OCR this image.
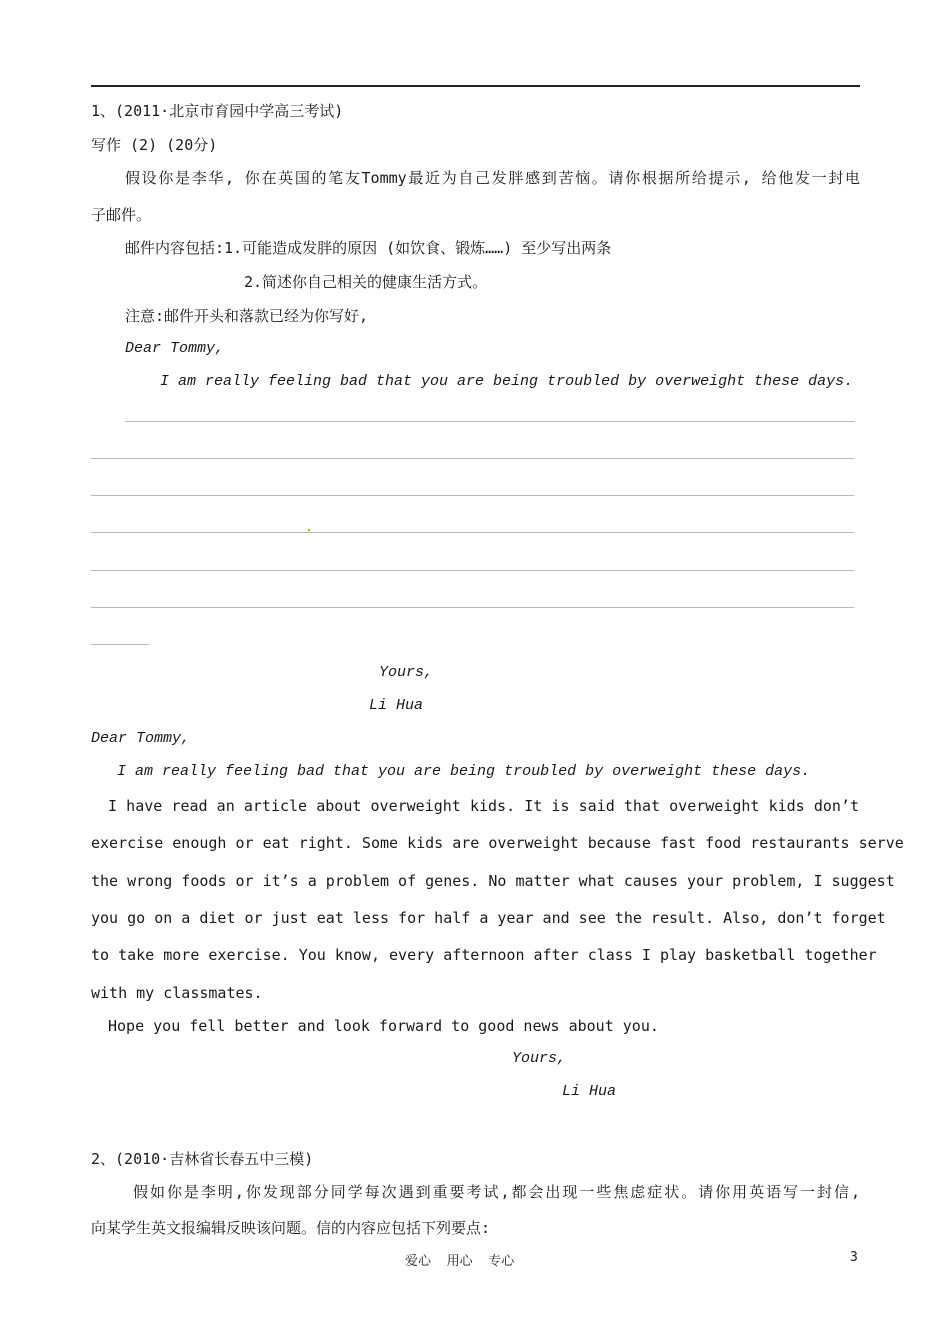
1、(2011·北京市育园中学高三考试)
写作 (2) (20分)
假设你是李华, 你在英国的笔友Tommy最近为自己发胖感到苦恼。请你根据所给提示, 给他发一封电
子邮件。
邮件内容包括:1.可能造成发胖的原因 (如饮食、锻炼……) 至少写出两条
2.简述你自己相关的健康生活方式。
注意:邮件开头和落款已经为你写好,
Dear Tommy,
I am really feeling bad that you are being troubled by overweight these days.
Yours,
Li Hua
Dear Tommy,
I am really feeling bad that you are being troubled by overweight these days.
I have read an article about overweight kids. It is said that overweight kids don’t
exercise enough or eat right. Some kids are overweight because fast food restaurants serve
the wrong foods or it’s a problem of genes. No matter what causes your problem, I suggest
you go on a diet or just eat less for half a year and see the result. Also, don’t forget
to take more exercise. You know, every afternoon after class I play basketball together
with my classmates.
Hope you fell better and look forward to good news about you.
Yours,
Li Hua
2、(2010·吉林省长春五中三模)
假如你是李明,你发现部分同学每次遇到重要考试,都会出现一些焦虑症状。请你用英语写一封信,
向某学生英文报编辑反映该问题。信的内容应包括下列要点:
爱心  用心  专心	3
